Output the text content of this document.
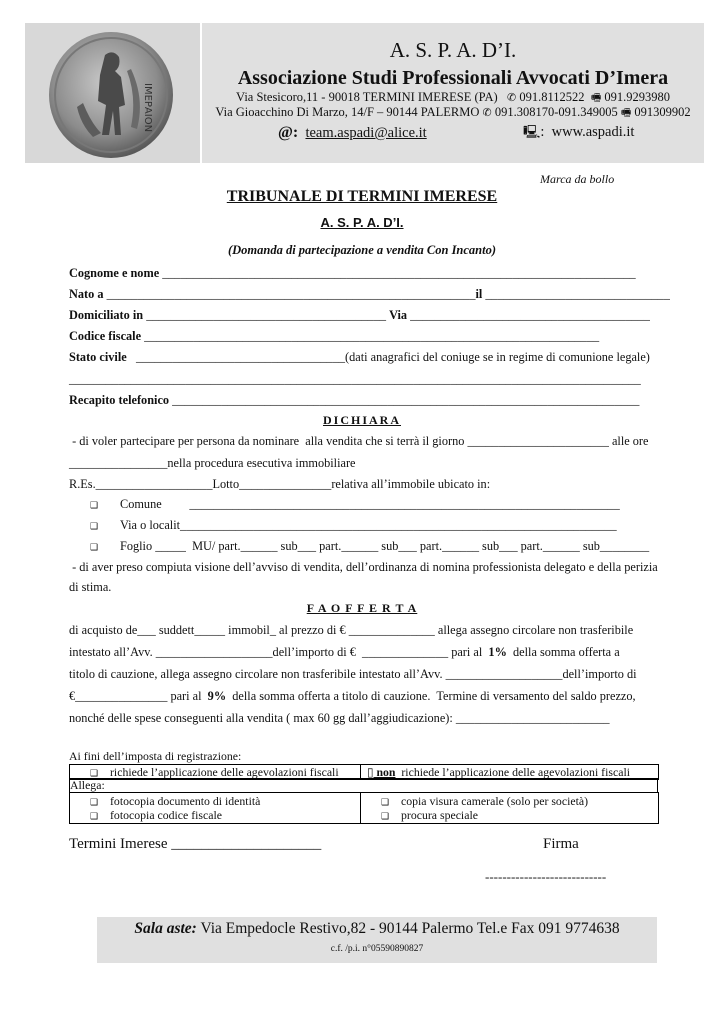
ΙΜΕΡΑΙΟΝ
A. S. P. A. D’I.
Associazione Studi Professionali Avvocati D’Imera
Via Stesicoro,11 - 90018 TERMINI IMERESE (PA) ✆ 091.8112522 🖷 091.9293980
Via Gioacchino Di Marzo, 14/F – 90144 PALERMO ✆ 091.308170-091.349005 🖷 091309902
@: team.aspadi@alice.it	🖳: www.aspadi.it
Marca da bollo
TRIBUNALE DI TERMINI IMERESE
A. S. P. A. D’I.
(Domanda di partecipazione a vendita Con Incanto)
Cognome e nome _____________________________________________________________________________
Nato a ____________________________________________________________il ______________________________
Domiciliato in _______________________________________ Via _______________________________________
Codice fiscale __________________________________________________________________________
Stato civile   __________________________________(dati anagrafici del coniuge se in regime di comunione legale)
_____________________________________________________________________________________________
Recapito telefonico ____________________________________________________________________________
DICHIARA
- di voler partecipare per persona da nominare  alla vendita che si terrà il giorno _______________________ alle ore
________________nella procedura esecutiva immobiliare
R.Es.___________________Lotto_______________relativa all’immobile ubicato in:
❑ Comune         ______________________________________________________________________
❑ Via o localit_______________________________________________________________________
❑ Foglio _____  MU/ part.______ sub___ part.______ sub___ part.______ sub___ part.______ sub________
- di aver preso compiuta visione dell’avviso di vendita, dell’ordinanza di nomina professionista delegato e della perizia
di stima.
F A O F F E R T A
di acquisto de___ suddett_____ immobil_ al prezzo di € ______________ allega assegno circolare non trasferibile
intestato all’Avv. ___________________dell’importo di €  ______________ pari al  1%  della somma offerta a
titolo di cauzione, allega assegno circolare non trasferibile intestato all’Avv. ___________________dell’importo di
€_______________ pari al  9%  della somma offerta a titolo di cauzione.  Termine di versamento del saldo prezzo,
nonché delle spese conseguenti alla vendita ( max 60 gg dall’aggiudicazione): _________________________
Ai fini dell’imposta di registrazione:
❑ richiede l’applicazione delle agevolazioni fiscali ▯ non  richiede l’applicazione delle agevolazioni fiscali
Allega:
❑ fotocopia documento di identità
❑ fotocopia codice fiscale
❑ copia visura camerale (solo per società)
❑ procura speciale
Termini Imerese ____________________	Firma
----------------------------
Sala aste: Via Empedocle Restivo,82 - 90144 Palermo Tel.e Fax 091 9774638
c.f. /p.i. n°05590890827
